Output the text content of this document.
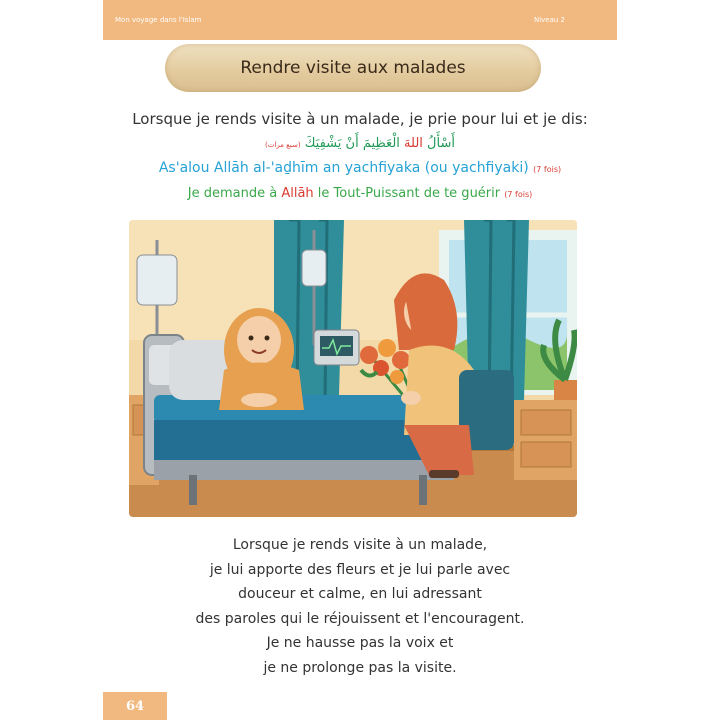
Mon voyage dans l'Islam	Niveau 2
Rendre visite aux malades
Lorsque je rends visite à un malade, je prie pour lui et je dis:
أَسْأَلُ اللهَ الْعَظِيمَ أَنْ يَشْفِيَكَ (سبع مرات)
As'alou Allāh al-'aḏhīm an yachfiyaka (ou yachfiyaki) (7 fois)
Je demande à Allāh le Tout-Puissant de te guérir (7 fois)
Lorsque je rends visite à un malade,
je lui apporte des fleurs et je lui parle avec
douceur et calme, en lui adressant
des paroles qui le réjouissent et l'encouragent.
Je ne hausse pas la voix et
je ne prolonge pas la visite.
64
